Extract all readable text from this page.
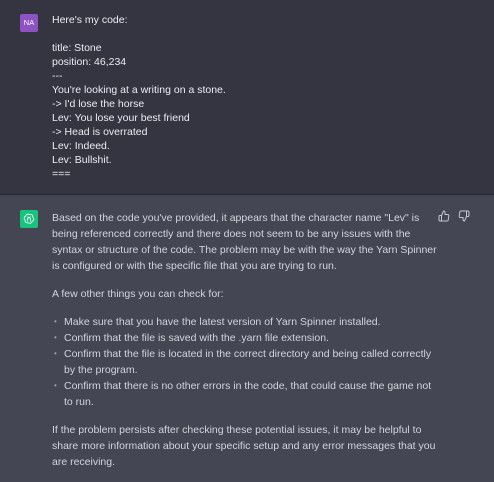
NA	Here's my code:

title: Stone
position: 46,234
---
You're looking at a writing on a stone.
-> I'd lose the horse
Lev: You lose your best friend
-> Head is overrated
Lev: Indeed.
Lev: Bullshit.
===

Based on the code you've provided, it appears that the character name "Lev" is being referenced correctly and there does not seem to be any issues with the syntax or structure of the code. The problem may be with the way the Yarn Spinner is configured or with the specific file that you are trying to run.

A few other things you can check for:

• Make sure that you have the latest version of Yarn Spinner installed.
• Confirm that the file is saved with the .yarn file extension.
• Confirm that the file is located in the correct directory and being called correctly by the program.
• Confirm that there is no other errors in the code, that could cause the game not to run.

If the problem persists after checking these potential issues, it may be helpful to share more information about your specific setup and any error messages that you are receiving.
